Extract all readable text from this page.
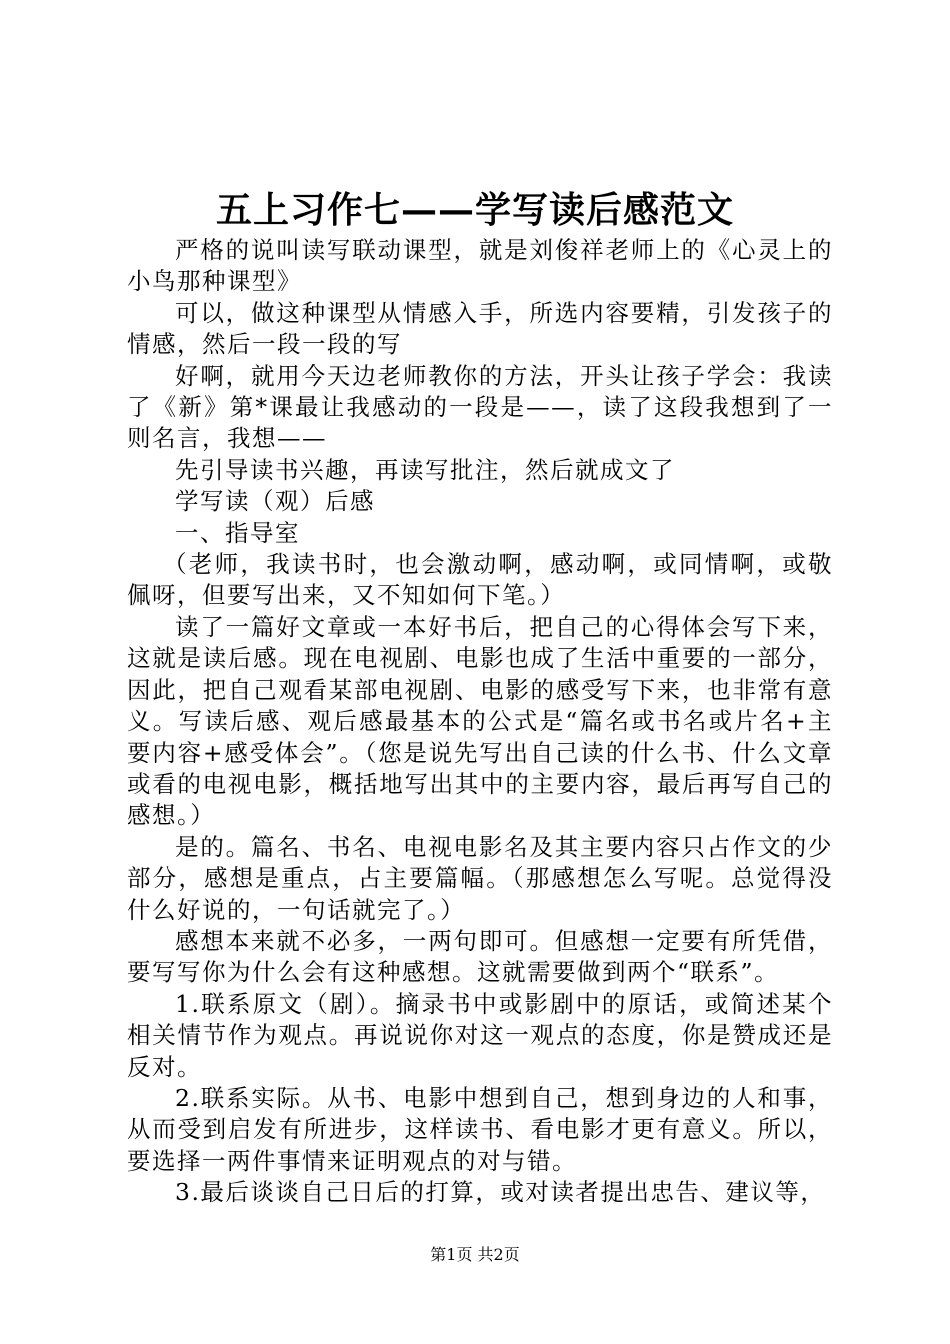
五上习作七——学写读后感范文

严格的说叫读写联动课型，就是刘俊祥老师上的《心灵上的小鸟那种课型》

可以，做这种课型从情感入手，所选内容要精，引发孩子的情感，然后一段一段的写

好啊，就用今天边老师教你的方法，开头让孩子学会：我读了《新》第*课最让我感动的一段是——，读了这段我想到了一则名言，我想——

先引导读书兴趣，再读写批注，然后就成文了

学写读（观）后感

一、指导室

（老师，我读书时，也会激动啊，感动啊，或同情啊，或敬佩呀，但要写出来，又不知如何下笔。）

读了一篇好文章或一本好书后，把自己的心得体会写下来，这就是读后感。现在电视剧、电影也成了生活中重要的一部分，因此，把自己观看某部电视剧、电影的感受写下来，也非常有意义。写读后感、观后感最基本的公式是“篇名或书名或片名+主要内容+感受体会”。（您是说先写出自己读的什么书、什么文章或看的电视电影，概括地写出其中的主要内容，最后再写自己的感想。）

是的。篇名、书名、电视电影名及其主要内容只占作文的少部分，感想是重点，占主要篇幅。（那感想怎么写呢。总觉得没什么好说的，一句话就完了。）

感想本来就不必多，一两句即可。但感想一定要有所凭借，要写写你为什么会有这种感想。这就需要做到两个“联系”。

1.联系原文（剧）。摘录书中或影剧中的原话，或简述某个相关情节作为观点。再说说你对这一观点的态度，你是赞成还是反对。

2.联系实际。从书、电影中想到自己，想到身边的人和事，从而受到启发有所进步，这样读书、看电影才更有意义。所以，要选择一两件事情来证明观点的对与错。

3.最后谈谈自己日后的打算，或对读者提出忠告、建议等，

第1页 共2页
